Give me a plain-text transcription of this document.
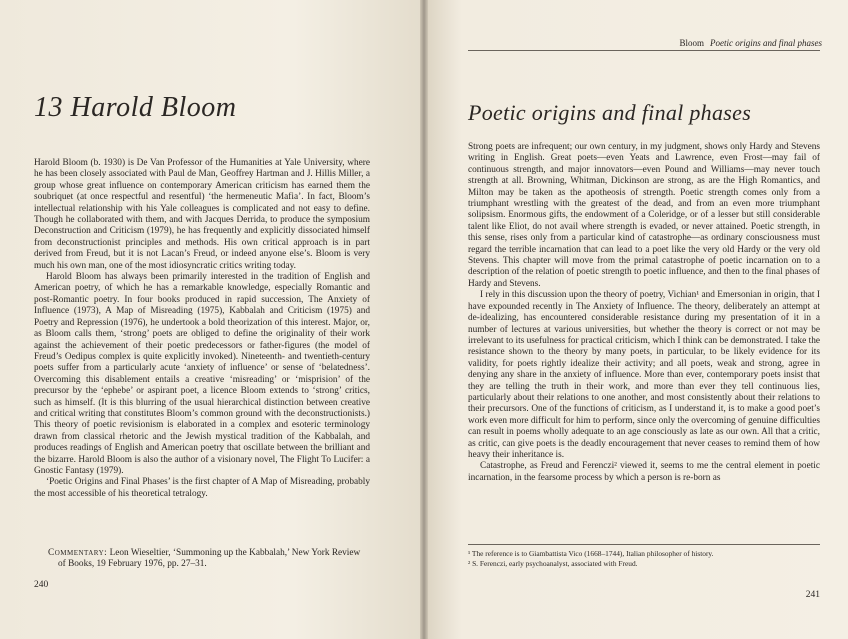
13 Harold Bloom

Harold Bloom (b. 1930) is De Van Professor of the Humanities at Yale University, where he has been closely associated with Paul de Man, Geoffrey Hartman and J. Hillis Miller, a group whose great influence on contemporary American criticism has earned them the soubriquet (at once respectful and resentful) ‘the hermeneutic Mafia’. In fact, Bloom’s intellectual relationship with his Yale colleagues is complicated and not easy to define. Though he collaborated with them, and with Jacques Derrida, to produce the symposium Deconstruction and Criticism (1979), he has frequently and explicitly dissociated himself from deconstructionist principles and methods. His own critical approach is in part derived from Freud, but it is not Lacan’s Freud, or indeed anyone else’s. Bloom is very much his own man, one of the most idiosyncratic critics writing today.

Harold Bloom has always been primarily interested in the tradition of English and American poetry, of which he has a remarkable knowledge, especially Romantic and post-Romantic poetry. In four books produced in rapid succession, The Anxiety of Influence (1973), A Map of Misreading (1975), Kabbalah and Criticism (1975) and Poetry and Repression (1976), he undertook a bold theorization of this interest. Major, or, as Bloom calls them, ‘strong’ poets are obliged to define the originality of their work against the achievement of their poetic predecessors or father-figures (the model of Freud’s Oedipus complex is quite explicitly invoked). Nineteenth- and twentieth-century poets suffer from a particularly acute ‘anxiety of influence’ or sense of ‘belatedness’. Overcoming this disablement entails a creative ‘misreading’ or ‘misprision’ of the precursor by the ‘ephebe’ or aspirant poet, a licence Bloom extends to ‘strong’ critics, such as himself. (It is this blurring of the usual hierarchical distinction between creative and critical writing that constitutes Bloom’s common ground with the deconstructionists.) This theory of poetic revisionism is elaborated in a complex and esoteric terminology drawn from classical rhetoric and the Jewish mystical tradition of the Kabbalah, and produces readings of English and American poetry that oscillate between the brilliant and the bizarre. Harold Bloom is also the author of a visionary novel, The Flight To Lucifer: a Gnostic Fantasy (1979).

‘Poetic Origins and Final Phases’ is the first chapter of A Map of Misreading, probably the most accessible of his theoretical tetralogy.

Commentary: Leon Wieseltier, ‘Summoning up the Kabbalah,’ New York Review of Books, 19 February 1976, pp. 27–31.
240
Bloom Poetic origins and final phases
Poetic origins and final phases

Strong poets are infrequent; our own century, in my judgment, shows only Hardy and Stevens writing in English. Great poets—even Yeats and Lawrence, even Frost—may fail of continuous strength, and major innovators—even Pound and Williams—may never touch strength at all. Browning, Whitman, Dickinson are strong, as are the High Romantics, and Milton may be taken as the apotheosis of strength. Poetic strength comes only from a triumphant wrestling with the greatest of the dead, and from an even more triumphant solipsism. Enormous gifts, the endowment of a Coleridge, or of a lesser but still considerable talent like Eliot, do not avail where strength is evaded, or never attained. Poetic strength, in this sense, rises only from a particular kind of catastrophe—as ordinary consciousness must regard the terrible incarnation that can lead to a poet like the very old Hardy or the very old Stevens. This chapter will move from the primal catastrophe of poetic incarnation on to a description of the relation of poetic strength to poetic influence, and then to the final phases of Hardy and Stevens.

I rely in this discussion upon the theory of poetry, Vichian¹ and Emersonian in origin, that I have expounded recently in The Anxiety of Influence. The theory, deliberately an attempt at de-idealizing, has encountered considerable resistance during my presentation of it in a number of lectures at various universities, but whether the theory is correct or not may be irrelevant to its usefulness for practical criticism, which I think can be demonstrated. I take the resistance shown to the theory by many poets, in particular, to be likely evidence for its validity, for poets rightly idealize their activity; and all poets, weak and strong, agree in denying any share in the anxiety of influence. More than ever, contemporary poets insist that they are telling the truth in their work, and more than ever they tell continuous lies, particularly about their relations to one another, and most consistently about their relations to their precursors. One of the functions of criticism, as I understand it, is to make a good poet’s work even more difficult for him to perform, since only the overcoming of genuine difficulties can result in poems wholly adequate to an age consciously as late as our own. All that a critic, as critic, can give poets is the deadly encouragement that never ceases to remind them of how heavy their inheritance is.

Catastrophe, as Freud and Ferenczi² viewed it, seems to me the central element in poetic incarnation, in the fearsome process by which a person is re-born as

¹ The reference is to Giambattista Vico (1668–1744), Italian philosopher of history.
² S. Ferenczi, early psychoanalyst, associated with Freud.
241
